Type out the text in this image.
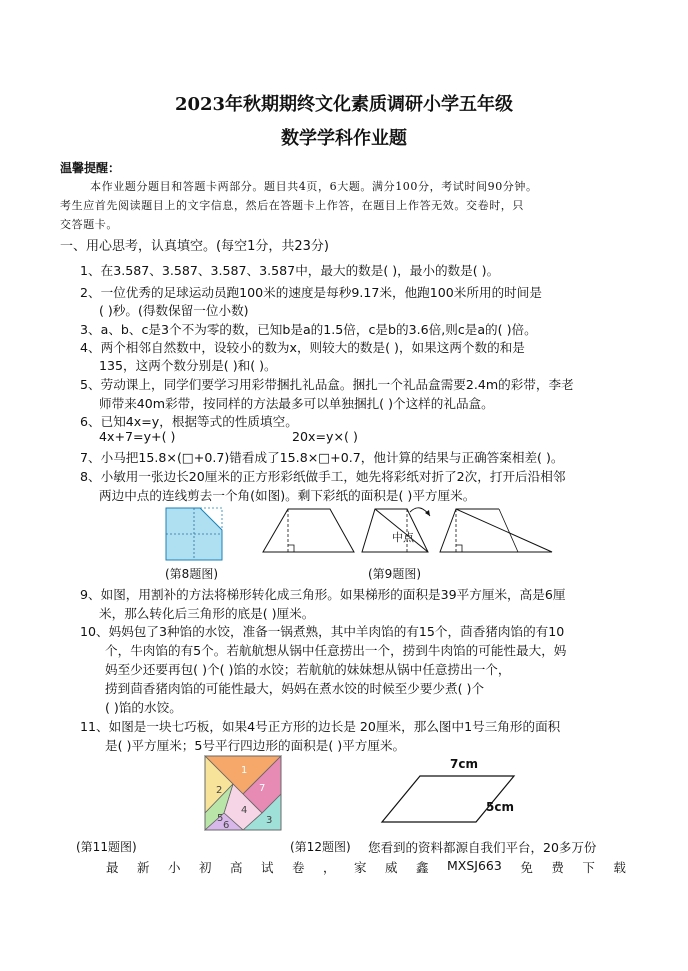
2023年秋期期终文化素质调研小学五年级
数学学科作业题
温馨提醒：
本作业题分题目和答题卡两部分。题目共4页，6大题。满分100分，考试时间90分钟。
考生应首先阅读题目上的文字信息，然后在答题卡上作答，在题目上作答无效。交卷时，只
交答题卡。
一、用心思考，认真填空。(每空1分，共23分)
1、在3.587、3.587、3.587、3.587中，最大的数是( )，最小的数是( )。
2、一位优秀的足球运动员跑100米的速度是每秒9.17米，他跑100米所用的时间是
( )秒。(得数保留一位小数)
3、a、b、c是3个不为零的数，已知b是a的1.5倍，c是b的3.6倍,则c是a的( )倍。
4、两个相邻自然数中，设较小的数为x，则较大的数是( )，如果这两个数的和是
135，这两个数分别是( )和( )。
5、劳动课上，同学们要学习用彩带捆扎礼品盒。捆扎一个礼品盒需要2.4m的彩带，李老
师带来40m彩带，按同样的方法最多可以单独捆扎( )个这样的礼品盒。
6、已知4x=y，根据等式的性质填空。
4x+7=y+( )	20x=y×( )
7、小马把15.8×(□+0.7)错看成了15.8×□+0.7，他计算的结果与正确答案相差( )。
8、小敏用一张边长20厘米的正方形彩纸做手工，她先将彩纸对折了2次，打开后沿相邻
两边中点的连线剪去一个角(如图)。剩下彩纸的面积是( )平方厘米。
中点
(第8题图)	(第9题图)
9、如图，用割补的方法将梯形转化成三角形。如果梯形的面积是39平方厘米，高是6厘
米，那么转化后三角形的底是( )厘米。
10、妈妈包了3种馅的水饺，准备一锅煮熟，其中羊肉馅的有15个，茴香猪肉馅的有10
个，牛肉馅的有5个。若航航想从锅中任意捞出一个，捞到牛肉馅的可能性最大，妈
妈至少还要再包( )个( )馅的水饺；若航航的妹妹想从锅中任意捞出一个，
捞到茴香猪肉馅的可能性最大，妈妈在煮水饺的时候至少要少煮( )个
( )馅的水饺。
11、如图是一块七巧板，如果4号正方形的边长是 20厘米，那么图中1号三角形的面积
是( )平方厘米；5号平行四边形的面积是( )平方厘米。
1
2
3
4
5
6
7
7cm
5cm
(第11题图)	(第12题图) 您看到的资料都源自我们平台，20多万份
最 新 小 初 高 试 卷 ， 家 威 鑫 MXSJ663 免 费 下 载
